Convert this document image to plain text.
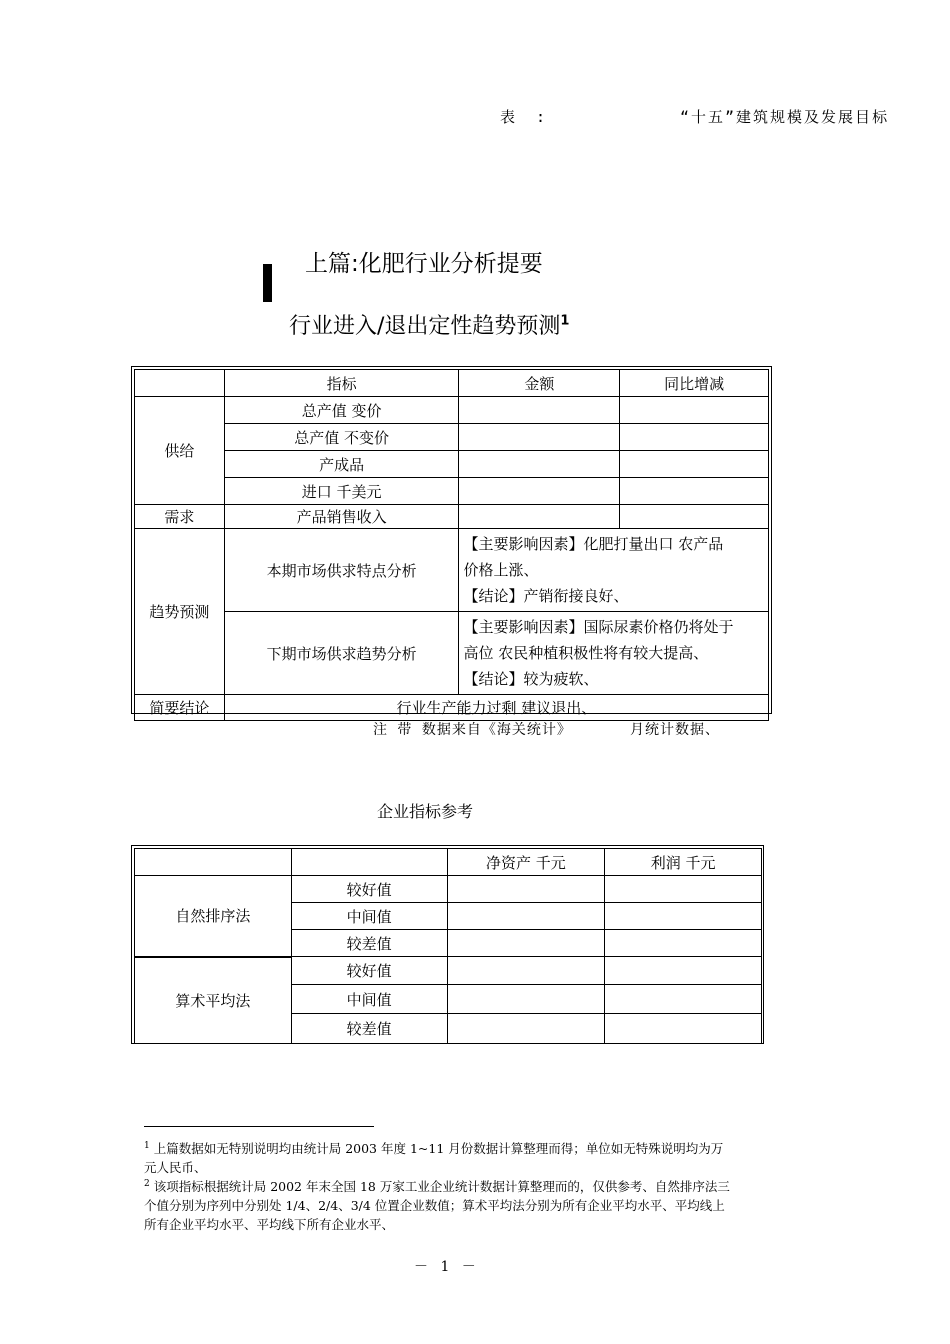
表 :	“十五”建筑规模及发展目标
上篇:化肥行业分析提要
行业进入/退出定性趋势预测$^1$
	指标	金额	同比增减
供给	总产值 变价		
	总产值 不变价		
	产成品		
	进口 千美元		
需求	产品销售收入		
趋势预测	本期市场供求特点分析	【主要影响因素】化肥打量出口 农产品
价格上涨、
【结论】产销衔接良好、	

	下期市场供求趋势分析	【主要影响因素】国际尿素价格仍将处于
高位 农民种植积极性将有较大提高、
【结论】较为疲软、	

简要结论	行业生产能力过剩 建议退出、		
注 带 数据来自《海关统计》	月统计数据、
企业指标参考
		净资产 千元	利润 千元
自然排序法	较好值		
	中间值		
	较差值		
算术平均法	较好值		
	中间值		
	较差值		
$^1$ 上篇数据如无特别说明均由统计局 2003 年度 1~11 月份数据计算整理而得；单位如无特殊说明均为万元人民币、
$^2$ 该项指标根据统计局 2002 年末全国 18 万家工业企业统计数据计算整理而的，仅供参考、自然排序法三个值分别为序列中分别处 1/4、2/4、3/4 位置企业数值；算术平均法分别为所有企业平均水平、平均线上所有企业平均水平、平均线下所有企业水平、
－ 1 －
